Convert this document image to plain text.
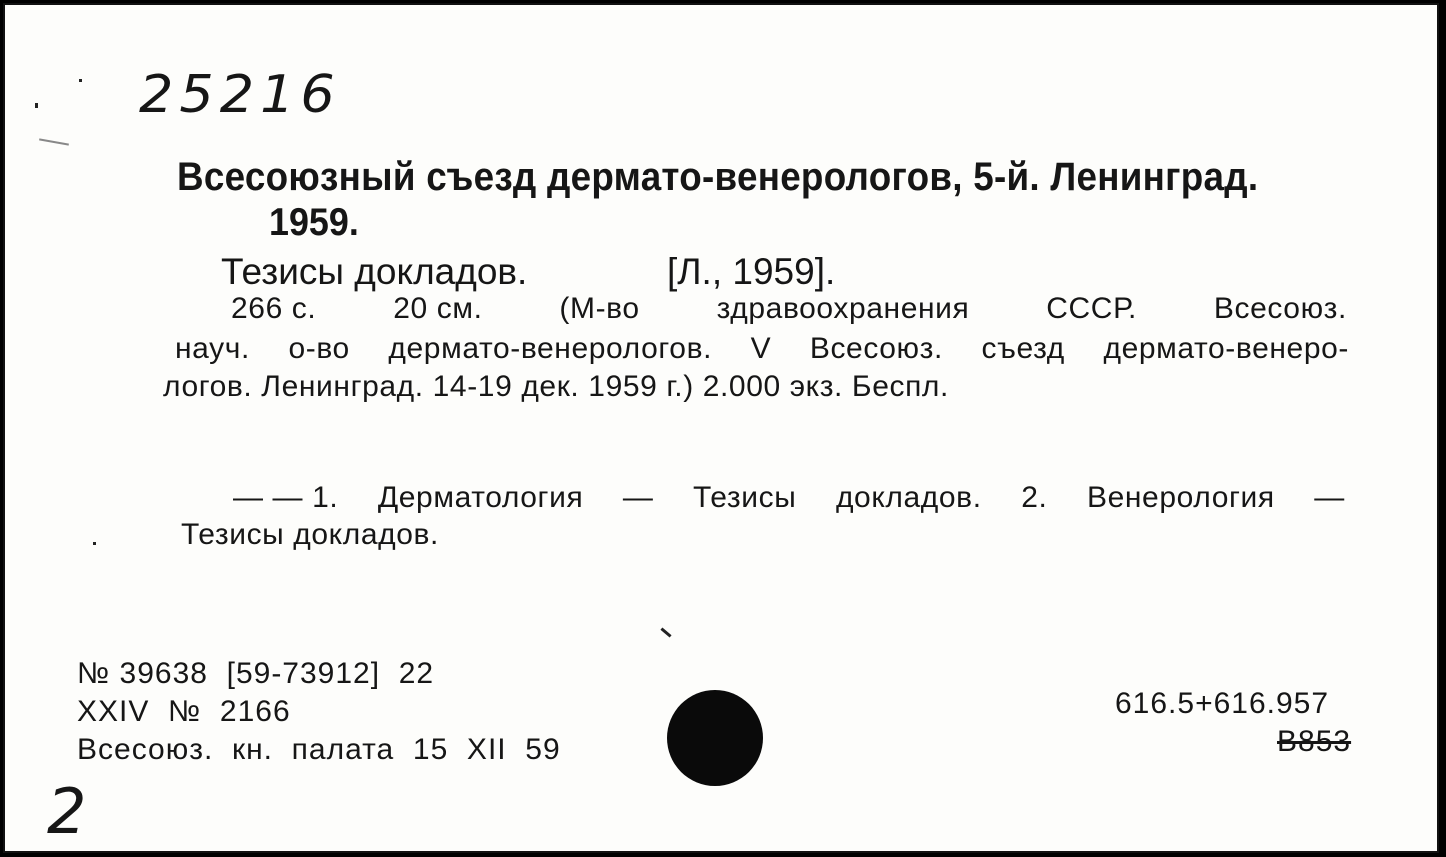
25216
Всесоюзный съезд дермато-венерологов, 5-й. Ленинград.
1959.
Тезисы докладов.	[Л., 1959].
266 с.	20 см.	(М-во	здравоохранения	СССР.	Всесоюз.
науч. о-во дермато-венерологов. V Всесоюз. съезд дермато-венеро-
логов. Ленинград. 14-19 дек. 1959 г.) 2.000 экз. Беспл.
— — 1. Дерматология — Тезисы докладов. 2. Венерология —
Тезисы докладов.
№ 39638  [59-73912]  22
XXIV  №  2166
Всесоюз.  кн.  палата  15  XII  59
616.5+616.957
В853
2
